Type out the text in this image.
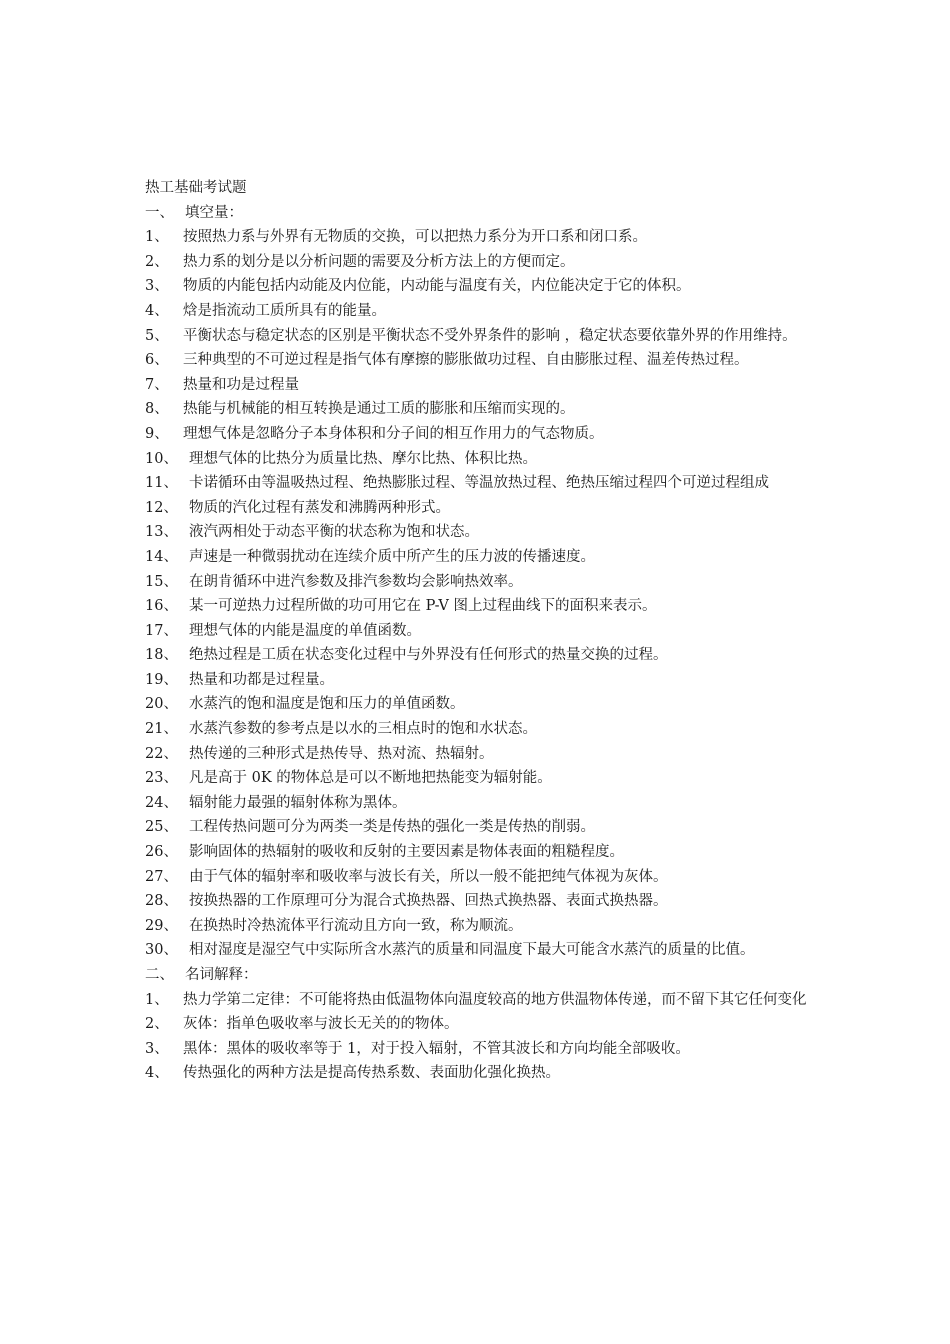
热工基础考试题
一、 填空量：
1、 按照热力系与外界有无物质的交换，可以把热力系分为开口系和闭口系。
2、 热力系的划分是以分析问题的需要及分析方法上的方便而定。
3、 物质的内能包括内动能及内位能，内动能与温度有关，内位能决定于它的体积。
4、 焓是指流动工质所具有的能量。
5、 平衡状态与稳定状态的区别是平衡状态不受外界条件的影响 ，稳定状态要依靠外界的作用维持。
6、 三种典型的不可逆过程是指气体有摩擦的膨胀做功过程、自由膨胀过程、温差传热过程。
7、 热量和功是过程量
8、 热能与机械能的相互转换是通过工质的膨胀和压缩而实现的。
9、 理想气体是忽略分子本身体积和分子间的相互作用力的气态物质。
10、 理想气体的比热分为质量比热、摩尔比热、体积比热。
11、 卡诺循环由等温吸热过程、绝热膨胀过程、等温放热过程、绝热压缩过程四个可逆过程组成
12、 物质的汽化过程有蒸发和沸腾两种形式。
13、 液汽两相处于动态平衡的状态称为饱和状态。
14、 声速是一种微弱扰动在连续介质中所产生的压力波的传播速度。
15、 在朗肯循环中进汽参数及排汽参数均会影响热效率。
16、 某一可逆热力过程所做的功可用它在 P-V 图上过程曲线下的面积来表示。
17、 理想气体的内能是温度的单值函数。
18、 绝热过程是工质在状态变化过程中与外界没有任何形式的热量交换的过程。
19、 热量和功都是过程量。
20、 水蒸汽的饱和温度是饱和压力的单值函数。
21、 水蒸汽参数的参考点是以水的三相点时的饱和水状态。
22、 热传递的三种形式是热传导、热对流、热辐射。
23、 凡是高于 0K 的物体总是可以不断地把热能变为辐射能。
24、 辐射能力最强的辐射体称为黑体。
25、 工程传热问题可分为两类一类是传热的强化一类是传热的削弱。
26、 影响固体的热辐射的吸收和反射的主要因素是物体表面的粗糙程度。
27、 由于气体的辐射率和吸收率与波长有关，所以一般不能把纯气体视为灰体。
28、 按换热器的工作原理可分为混合式换热器、回热式换热器、表面式换热器。
29、 在换热时冷热流体平行流动且方向一致，称为顺流。
30、 相对湿度是湿空气中实际所含水蒸汽的质量和同温度下最大可能含水蒸汽的质量的比值。
二、 名词解释：
1、 热力学第二定律：不可能将热由低温物体向温度较高的地方供温物体传递，而不留下其它任何变化
2、 灰体：指单色吸收率与波长无关的的物体。
3、 黑体：黑体的吸收率等于 1，对于投入辐射，不管其波长和方向均能全部吸收。
4、 传热强化的两种方法是提高传热系数、表面肋化强化换热。
